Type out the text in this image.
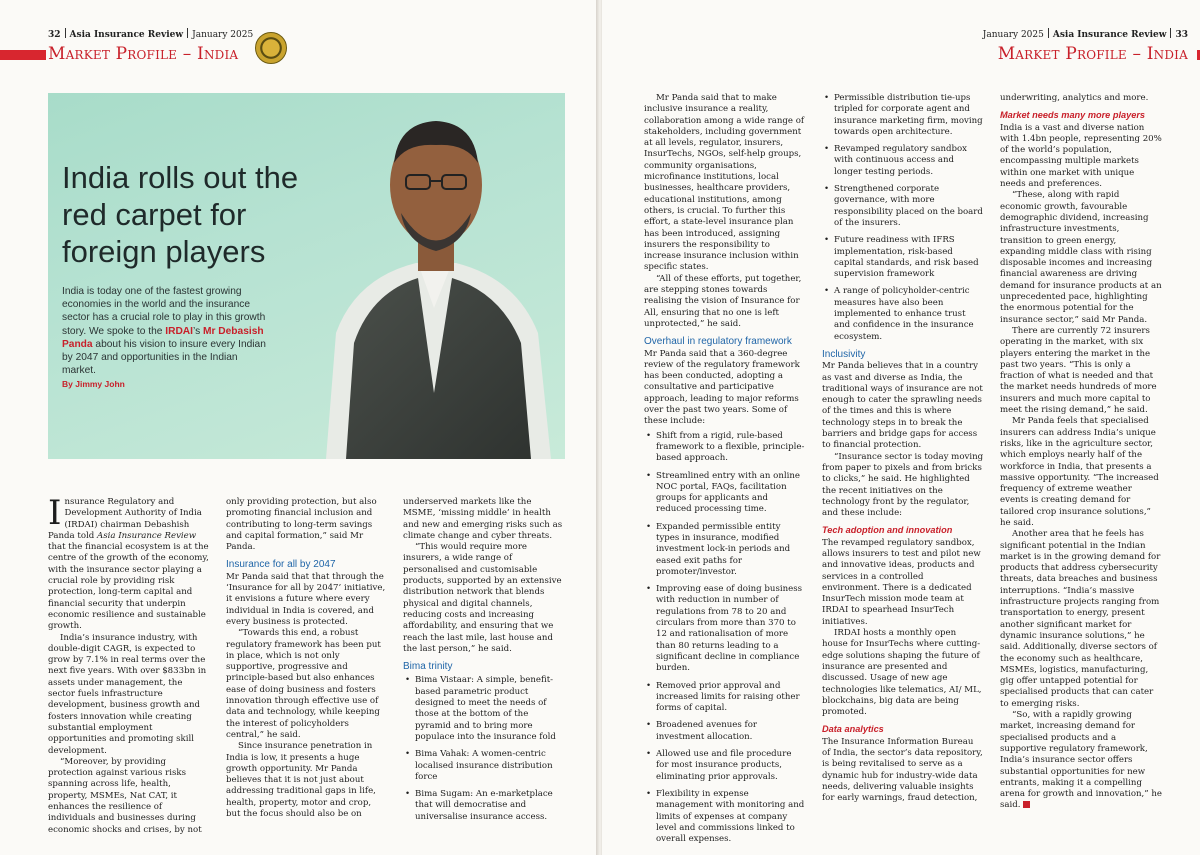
32 Asia Insurance Review January 2025
Market Profile – India
India rolls out the red carpet for foreign players
India is today one of the fastest growing economies in the world and the insurance sector has a crucial role to play in this growth story. We spoke to the IRDAI’s Mr Debasish Panda about his vision to insure every Indian by 2047 and opportunities in the Indian market.
By Jimmy John

Insurance Regulatory and Development Authority of India (IRDAI) chairman Debashish Panda told Asia Insurance Review that the financial ecosystem is at the centre of the growth of the economy, with the insurance sector playing a crucial role by providing risk protection, long-term capital and financial security that underpin economic resilience and sustainable growth.

India’s insurance industry, with double-digit CAGR, is expected to grow by 7.1% in real terms over the next five years. With over $833bn in assets under management, the sector fuels infrastructure development, business growth and fosters innovation while creating substantial employment opportunities and promoting skill development.

“Moreover, by providing protection against various risks spanning across life, health, property, MSMEs, Nat CAT, it enhances the resilience of individuals and businesses during economic shocks and crises, by not

only providing protection, but also promoting financial inclusion and contributing to long-term savings and capital formation,” said Mr Panda.

Insurance for all by 2047

Mr Panda said that that through the ‘Insurance for all by 2047’ initiative, it envisions a future where every individual in India is covered, and every business is protected.

“Towards this end, a robust regulatory framework has been put in place, which is not only supportive, progressive and principle-based but also enhances ease of doing business and fosters innovation through effective use of data and technology, while keeping the interest of policyholders central,” he said.

Since insurance penetration in India is low, it presents a huge growth opportunity. Mr Panda believes that it is not just about addressing traditional gaps in life, health, property, motor and crop, but the focus should also be on

underserved markets like the MSME, ‘missing middle’ in health and new and emerging risks such as climate change and cyber threats.

“This would require more insurers, a wide range of personalised and customisable products, supported by an extensive distribution network that blends physical and digital channels, reducing costs and increasing affordability, and ensuring that we reach the last mile, last house and the last person,” he said.

Bima trinity
• Bima Vistaar: A simple, benefit-based parametric product designed to meet the needs of those at the bottom of the pyramid and to bring more populace into the insurance fold
• Bima Vahak: A women-centric localised insurance distribution force
• Bima Sugam: An e-marketplace that will democratise and universalise insurance access.
January 2025 Asia Insurance Review 33
Market Profile – India

Mr Panda said that to make inclusive insurance a reality, collaboration among a wide range of stakeholders, including government at all levels, regulator, insurers, InsurTechs, NGOs, self-help groups, community organisations, microfinance institutions, local businesses, healthcare providers, educational institutions, among others, is crucial. To further this effort, a state-level insurance plan has been introduced, assigning insurers the responsibility to increase insurance inclusion within specific states.

“All of these efforts, put together, are stepping stones towards realising the vision of Insurance for All, ensuring that no one is left unprotected,” he said.

Overhaul in regulatory framework

Mr Panda said that a 360-degree review of the regulatory framework has been conducted, adopting a consultative and participative approach, leading to major reforms over the past two years. Some of these include:

• Shift from a rigid, rule-based framework to a flexible, principle-based approach.
• Streamlined entry with an online NOC portal, FAQs, facilitation groups for applicants and reduced processing time.
• Expanded permissible entity types in insurance, modified investment lock-in periods and eased exit paths for promoter/investor.
• Improving ease of doing business with reduction in number of regulations from 78 to 20 and circulars from more than 370 to 12 and rationalisation of more than 80 returns leading to a significant decline in compliance burden.
• Removed prior approval and increased limits for raising other forms of capital.
• Broadened avenues for investment allocation.
• Allowed use and file procedure for most insurance products, eliminating prior approvals.
• Flexibility in expense management with monitoring and limits of expenses at company level and commissions linked to overall expenses.
• Permissible distribution tie-ups tripled for corporate agent and insurance marketing firm, moving towards open architecture.
• Revamped regulatory sandbox with continuous access and longer testing periods.
• Strengthened corporate governance, with more responsibility placed on the board of the insurers.
• Future readiness with IFRS implementation, risk-based capital standards, and risk based supervision framework
• A range of policyholder-centric measures have also been implemented to enhance trust and confidence in the insurance ecosystem.
Inclusivity

Mr Panda believes that in a country as vast and diverse as India, the traditional ways of insurance are not enough to cater the sprawling needs of the times and this is where technology steps in to break the barriers and bridge gaps for access to financial protection.

“Insurance sector is today moving from paper to pixels and from bricks to clicks,” he said. He highlighted the recent initiatives on the technology front by the regulator, and these include:

Tech adoption and innovation

The revamped regulatory sandbox, allows insurers to test and pilot new and innovative ideas, products and services in a controlled environment. There is a dedicated InsurTech mission mode team at IRDAI to spearhead InsurTech initiatives.

IRDAI hosts a monthly open house for InsurTechs where cutting-edge solutions shaping the future of insurance are presented and discussed. Usage of new age technologies like telematics, AI/ ML, blockchains, big data are being promoted.

Data analytics

The Insurance Information Bureau of India, the sector’s data repository, is being revitalised to serve as a dynamic hub for industry-wide data needs, delivering valuable insights for early warnings, fraud detection,

underwriting, analytics and more.

Market needs many more players

India is a vast and diverse nation with 1.4bn people, representing 20% of the world’s population, encompassing multiple markets within one market with unique needs and preferences.

“These, along with rapid economic growth, favourable demographic dividend, increasing infrastructure investments, transition to green energy, expanding middle class with rising disposable incomes and increasing financial awareness are driving demand for insurance products at an unprecedented pace, highlighting the enormous potential for the insurance sector,” said Mr Panda.

There are currently 72 insurers operating in the market, with six players entering the market in the past two years. “This is only a fraction of what is needed and that the market needs hundreds of more insurers and much more capital to meet the rising demand,” he said.

Mr Panda feels that specialised insurers can address India’s unique risks, like in the agriculture sector, which employs nearly half of the workforce in India, that presents a massive opportunity. “The increased frequency of extreme weather events is creating demand for tailored crop insurance solutions,” he said.

Another area that he feels has significant potential in the Indian market is in the growing demand for products that address cybersecurity threats, data breaches and business interruptions. “India’s massive infrastructure projects ranging from transportation to energy, present another significant market for dynamic insurance solutions,” he said. Additionally, diverse sectors of the economy such as healthcare, MSMEs, logistics, manufacturing, gig offer untapped potential for specialised products that can cater to emerging risks.

“So, with a rapidly growing market, increasing demand for specialised products and a supportive regulatory framework, India’s insurance sector offers substantial opportunities for new entrants, making it a compelling arena for growth and innovation,” he said.
